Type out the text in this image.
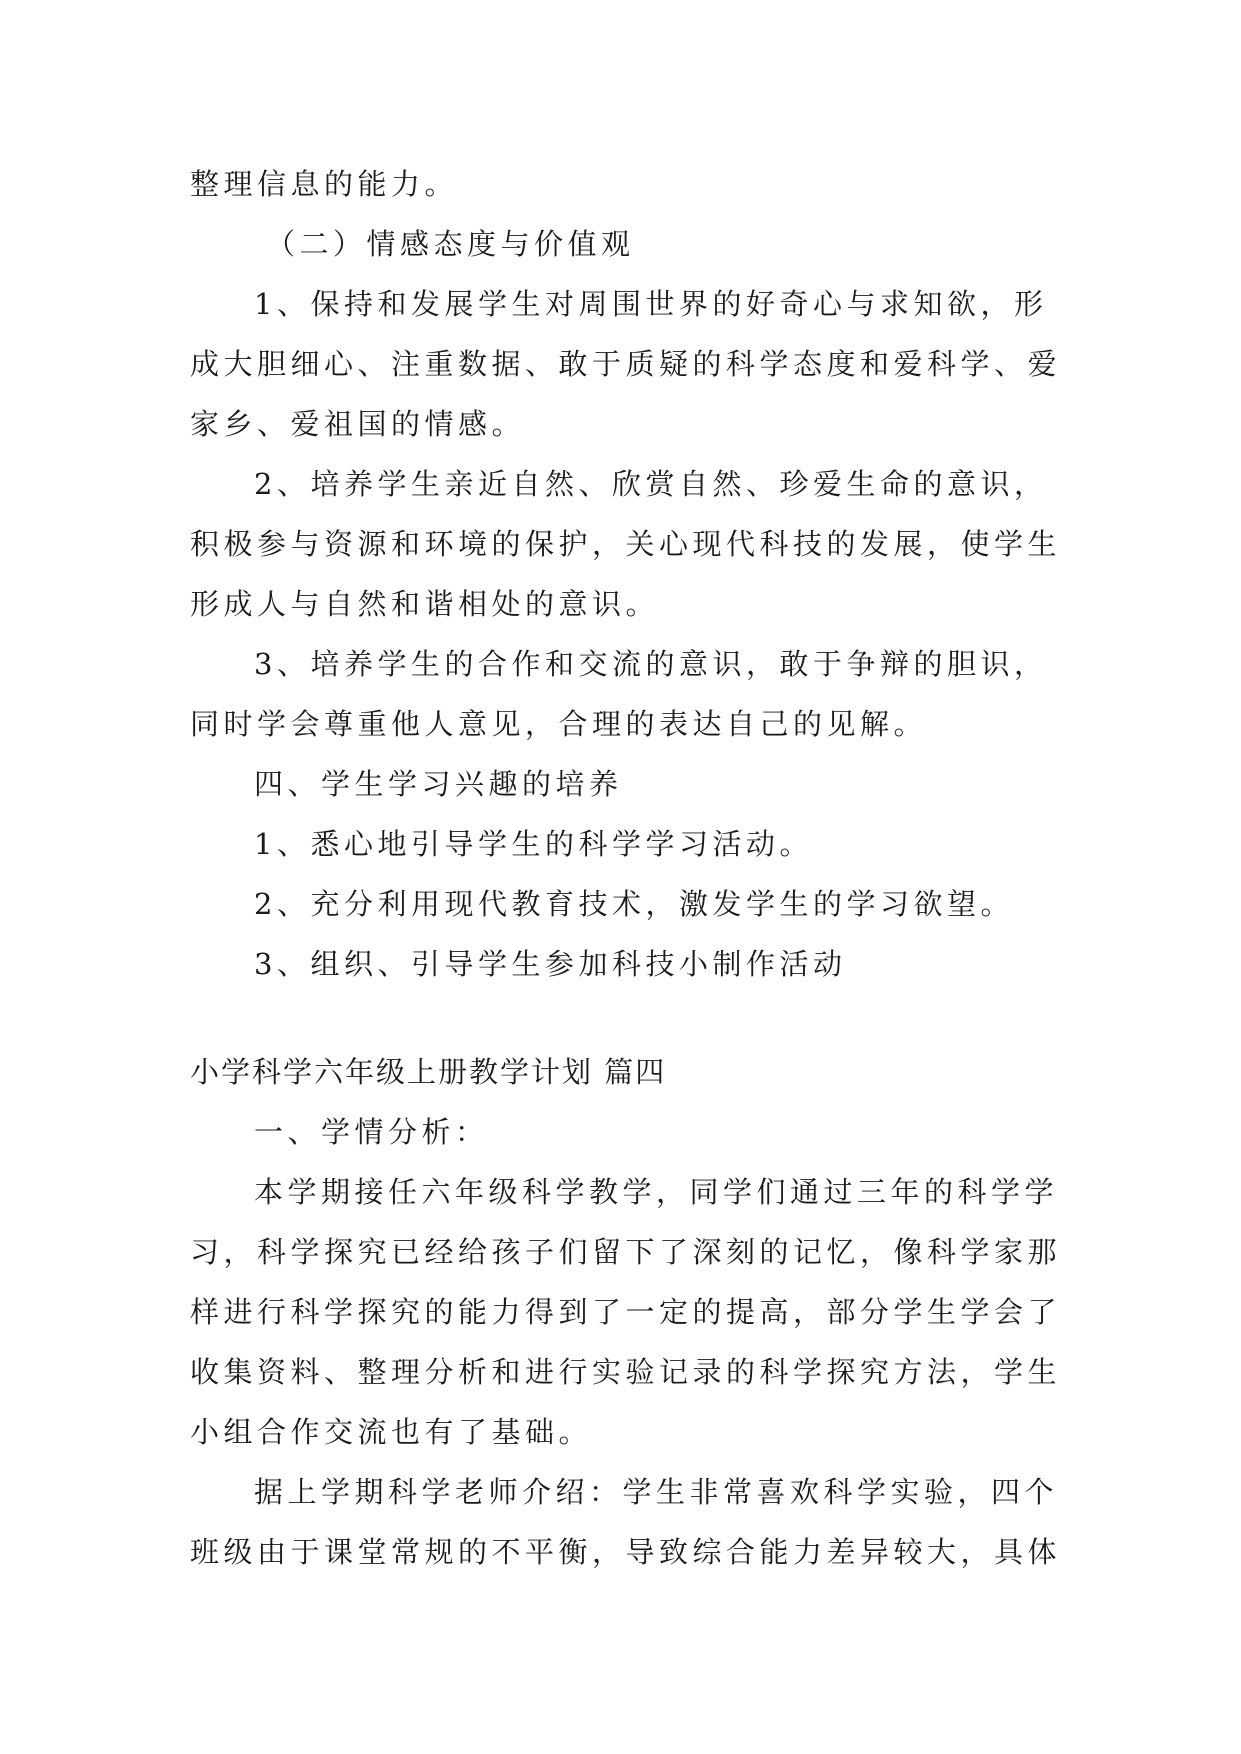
整理信息的能力。
（二）情感态度与价值观
1、保持和发展学生对周围世界的好奇心与求知欲，形
成大胆细心、注重数据、敢于质疑的科学态度和爱科学、爱
家乡、爱祖国的情感。
2、培养学生亲近自然、欣赏自然、珍爱生命的意识，
积极参与资源和环境的保护，关心现代科技的发展，使学生
形成人与自然和谐相处的意识。
3、培养学生的合作和交流的意识，敢于争辩的胆识，
同时学会尊重他人意见，合理的表达自己的见解。
四、学生学习兴趣的培养
1、悉心地引导学生的科学学习活动。
2、充分利用现代教育技术，激发学生的学习欲望。
3、组织、引导学生参加科技小制作活动
小学科学六年级上册教学计划 篇四
一、学情分析：
本学期接任六年级科学教学，同学们通过三年的科学学
习，科学探究已经给孩子们留下了深刻的记忆，像科学家那
样进行科学探究的能力得到了一定的提高，部分学生学会了
收集资料、整理分析和进行实验记录的科学探究方法，学生
小组合作交流也有了基础。
据上学期科学老师介绍：学生非常喜欢科学实验，四个
班级由于课堂常规的不平衡，导致综合能力差异较大，具体
